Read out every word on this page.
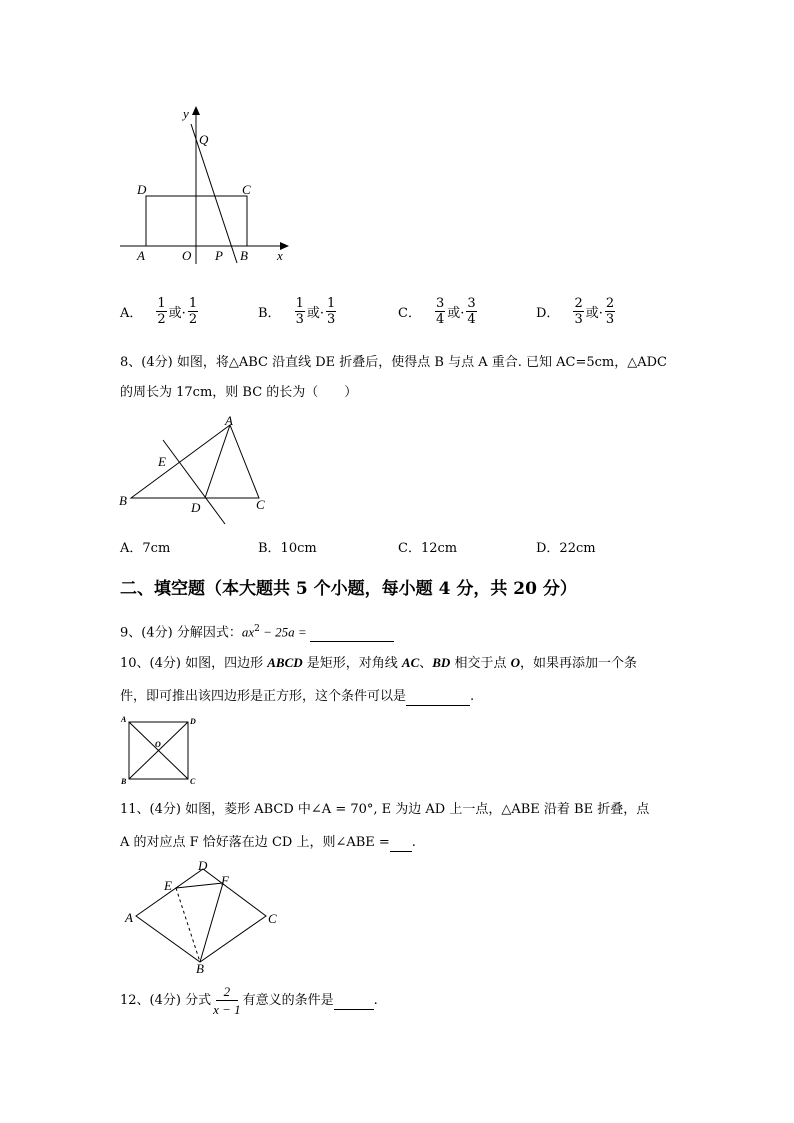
y
Q
D	C
A	O P B x
A． $\frac{1}{2}$ 或· $\frac{1}{2}$	B． $\frac{1}{3}$ 或· $\frac{1}{3}$	C． $\frac{3}{4}$ 或· $\frac{3}{4}$	D． $\frac{2}{3}$ 或· $\frac{2}{3}$
8、(4分) 如图，将△ABC 沿直线 DE 折叠后，使得点 B 与点 A 重合. 已知 AC=5cm，△ADC
的周长为 17cm，则 BC 的长为（　　）
A
E
B	D	C
A．7cm	B．10cm	C．12cm	D．22cm
二、填空题（本大题共 5 个小题，每小题 4 分，共 20 分）
9、(4分) 分解因式：$ax^2 - 25a$ =
10、(4分) 如图，四边形 ABCD 是矩形，对角线 AC、BD 相交于点 O，如果再添加一个条
件，即可推出该四边形是正方形，这个条件可以是	.
A	D
O
B	C
11、(4分) 如图，菱形 ABCD 中∠A = 70°, E 为边 AD 上一点，△ABE 沿着 BE 折叠，点
A 的对应点 F 恰好落在边 CD 上，则∠ABE = .
D
E	F
A	C
B
12、(4分) 分式 $\frac{2}{x - 1}$ 有意义的条件是	.
